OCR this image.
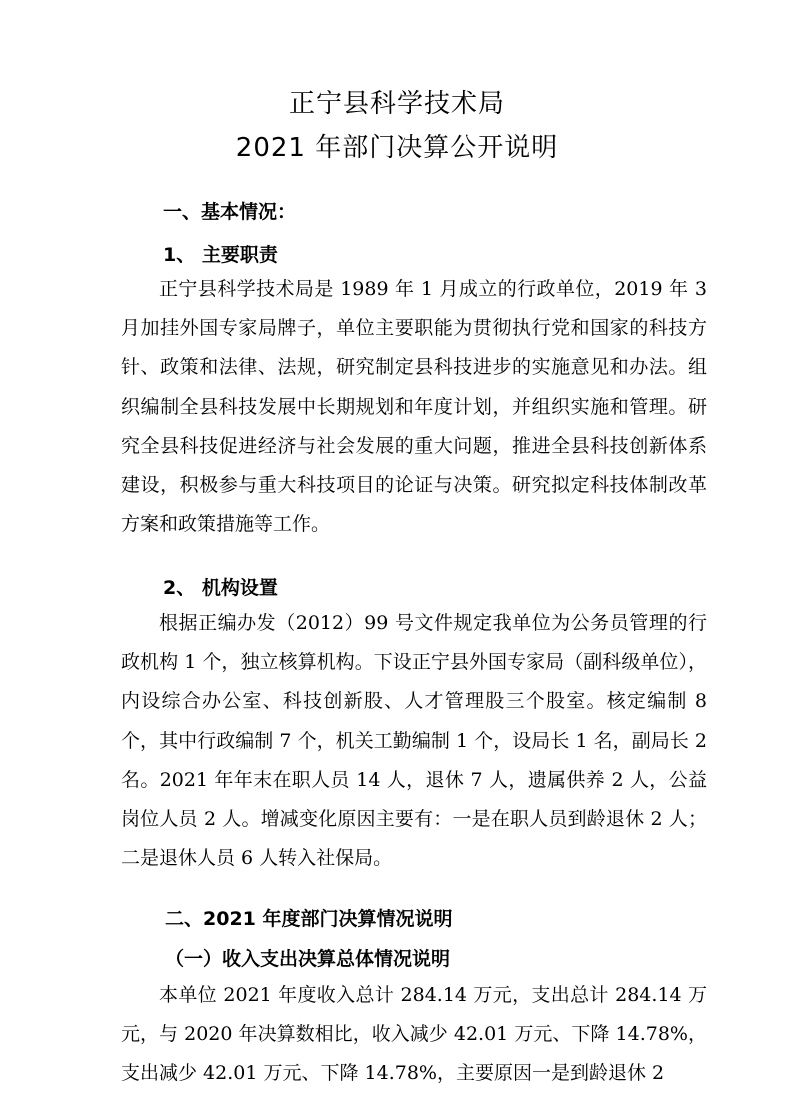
正宁县科学技术局
2021 年部门决算公开说明
一、基本情况：
1、 主要职责
正宁县科学技术局是 1989 年 1 月成立的行政单位，2019 年 3 月加挂外国专家局牌子，单位主要职能为贯彻执行党和国家的科技方针、政策和法律、法规，研究制定县科技进步的实施意见和办法。组织编制全县科技发展中长期规划和年度计划，并组织实施和管理。研究全县科技促进经济与社会发展的重大问题，推进全县科技创新体系建设，积极参与重大科技项目的论证与决策。研究拟定科技体制改革方案和政策措施等工作。
2、 机构设置
根据正编办发（2012）99 号文件规定我单位为公务员管理的行政机构 1 个，独立核算机构。下设正宁县外国专家局（副科级单位），内设综合办公室、科技创新股、人才管理股三个股室。核定编制 8 个，其中行政编制 7 个，机关工勤编制 1 个，设局长 1 名，副局长 2 名。2021 年年末在职人员 14 人，退休 7 人，遗属供养 2 人，公益岗位人员 2 人。增减变化原因主要有：一是在职人员到龄退休 2 人；二是退休人员 6 人转入社保局。
二、2021 年度部门决算情况说明
（一）收入支出决算总体情况说明
本单位 2021 年度收入总计 284.14 万元，支出总计 284.14 万元，与 2020 年决算数相比，收入减少 42.01 万元、下降 14.78%，支出减少 42.01 万元、下降 14.78%，主要原因一是到龄退休 2
